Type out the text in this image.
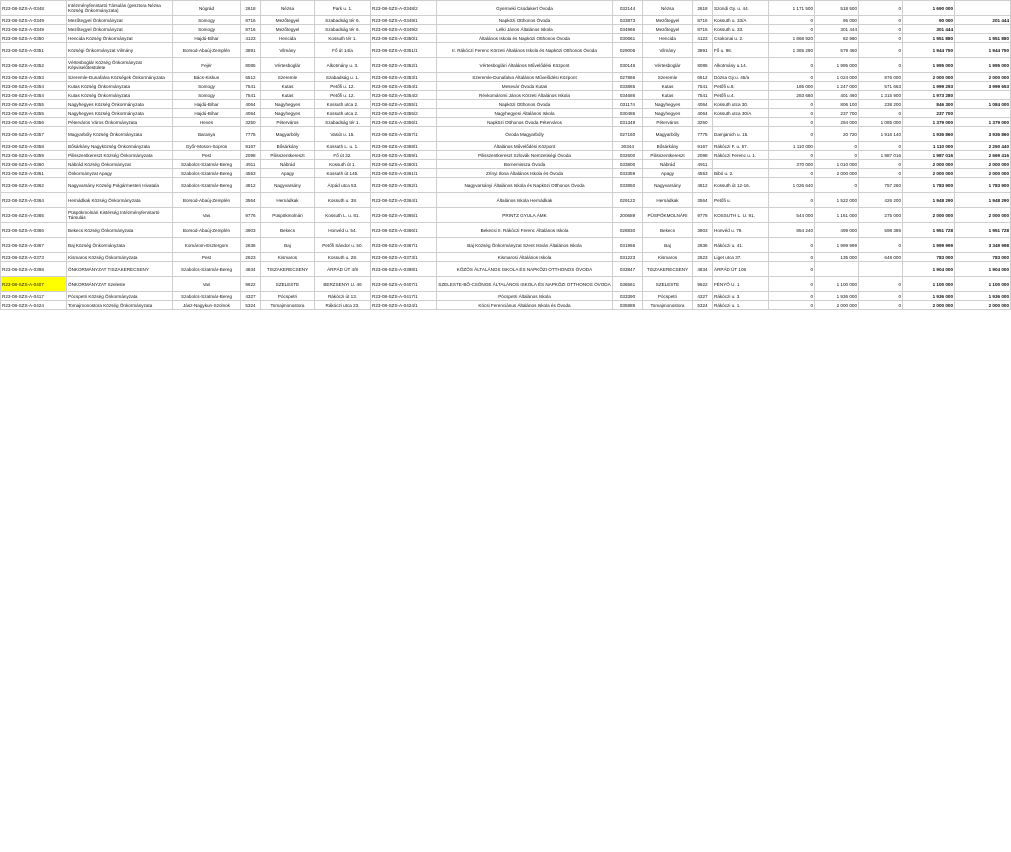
R23-08-SZS-A-0348	Intézményfenntartó Társulás (gesztora Nézsa Község Önkormányzata)	Nógrád	2618	Nézsa	Park u. 1.	R23-08-SZS-A-0348/2	Gyermeki Csodakert Óvoda	032144	Nézsa	2618	Szondi Gy. u. 44.	1 171 500	518 500	0	1 690 000	
R23-08-SZS-A-0349	Mezőtegyel Önkormányzat	Somogy	8716	Mezőtegyel	Szabadság tér 6.	R23-08-SZS-A-0349/1	Napközi Otthonos Óvoda	033873	Mezőtegyel	8716	Kossuth u. 33/A	0	95 000	0	90 000	201 444
R23-08-SZS-A-0349	Mezőtegyel Önkormányzat	Somogy	8716	Mezőtegyel	Szabadság tér 6.	R23-08-SZS-A-0349/2	Lelki János Általános Iskola	034966	Mezőtegyel	8716	Kossuth u. 33.	0	301 444	0	301 444	
R23-08-SZS-A-0350	Hencida Község Önkormányzat	Hajdú-Bihar	4123	Hencida	Kossuth tér 1.	R23-08-SZS-A-0350/1	Általános Iskola és Napközi Otthonos Óvoda	030661	Hencida	4123	Csokonai u. 2.	1 868 920	82 960	0	1 951 880	1 951 880
R23-08-SZS-A-0351	Községi Önkormányzat Vilmány	Borsod-Abaúj-Zemplén	3891	Vilmány	Fő út 14/a	R23-08-SZS-A-0351/1	II. Rákóczi Ferenc Körzeti Általános Iskola és Napközi Otthonos Óvoda	029006	Vilmány	3891	Fő u. 96.	1 365 290	579 460	0	1 944 750	1 944 750
R23-08-SZS-A-0352	Vértesboglár Község Önkormányzat Képviselőtestülete	Fejér	8085	Vértesboglár	Alkotmány u. 3.	R23-08-SZS-A-0352/1	Vértesboglári Általános Művelődési Központ	030146	Vértesboglár	8085	Alkotmány u.14.	0	1 995 000	0	1 995 000	1 995 000
R23-08-SZS-A-0353	Szeremle-Dunafalva Községek Önkormányzata	Bács-Kiskun	6512	Szeremle	Szabadság u. 1.	R23-08-SZS-A-0353/1	Szeremle-Dunafalva Általános Művelődési Központ	027866	Szeremle	6512	Dózsa Gy.u. 45/a	0	1 024 000	976 000	2 000 000	2 000 000
R23-08-SZS-A-0354	Kutas Község Önkormányzata	Somogy	7541	Kutas	Petőfi u. 12.	R23-08-SZS-A-0354/1	Mesevár Óvoda Kutas	033865	Kutas	7541	Petőfi u.8.	185 000	1 247 000	571 663	1 999 293	3 999 653
R23-08-SZS-A-0354	Kutas Község Önkormányzata	Somogy	7541	Kutas	Petőfi u. 12.	R23-08-SZS-A-0354/2	Révkomáromi János Körzeti Általános Iskola	034686	Kutas	7541	Petőfi u.4.	283 660	401 460	1 315 900	1 973 280	
R23-08-SZS-A-0355	Nagyhegyes Község Önkormányzata	Hajdú-Bihar	4064	Nagyhegyes	Kossuth utca 2.	R23-08-SZS-A-0355/1	Napközi Otthonos Óvoda	031174	Nagyhegyes	4064	Kossuth utca 30.	0	806 100	238 200	846 300	1 084 000
R23-08-SZS-A-0355	Nagyhegyes Község Önkormányzata	Hajdú-Bihar	4064	Nagyhegyes	Kossuth utca 2.	R23-08-SZS-A-0355/2	Nagyhegyesi Általános Iskola	030486	Nagyhegyes	4064	Kossuth utca 30/A	0	237 700	0	237 700	
R23-08-SZS-A-0356	Péterváros Város Önkormányzata	Heves	3250	Péterváros	Szabadság tér 1.	R23-08-SZS-A-0356/1	Napközi Otthonos Óvoda Péterváros	031349	Péterváros	3250		0	294 000	1 085 000	1 379 000	1 379 000
R23-08-SZS-A-0357	Magyarbóly Község Önkormányzata	Baranya	7775	Magyarbóly	Vasút u. 15.	R23-08-SZS-A-0357/1	Óvoda Magyarbóly	027160	Magyarbóly	7775	Damjanich u. 15.	0	20 720	1 916 140	1 936 860	3 936 860
R23-08-SZS-A-0358	Bősárkány Nagyközség Önkormányzata	Győr-Moson-Sopron	9167	Bősárkány	Kossuth L. u. 1.	R23-08-SZS-A-0358/1	Általános Művelődési Központ	30344	Bősárkány	9167	Rákóczi F. u. 57.	1 110 000	0	0	1 110 000	2 250 440
R23-08-SZS-A-0359	Pilisszentkereszt Község Önkormányzata	Pest	2098	Pilisszentkereszt	Fő út 32.	R23-08-SZS-A-0359/1	Pilisszentkereszt Szlovák Nemzetiségi Óvoda	032600	Pilisszentkereszt	2098	Rákóczi Ferenc u. 1.	0	0	1 987 016	1 987 016	2 669 416
R23-08-SZS-A-0360	Nábrád Község Önkormányzat	Szabolcs-Szatmár-Bereg	4911	Nábrád	Kossuth út 1.	R23-08-SZS-A-0360/1	Bornemissza Óvoda	033800	Nábrád	4911		370 000	1 010 000	0	2 000 000	2 000 000
R23-08-SZS-A-0361	Önkormányzat Apagy	Szabolcs-Szatmár-Bereg	4553	Apagy	Kossuth út 145.	R23-08-SZS-A-0361/1	Zrínyi Ilona Általános Iskola és Óvoda	033359	Apagy	4553	Bibó u. 2.	0	2 000 000	0	2 000 000	2 000 000
R23-08-SZS-A-0362	Nagyvarsány Község Polgármesteri Hivatala	Szabolcs-Szatmár-Bereg	4812	Nagyvarsány	Árpád utca 53.	R23-08-SZS-A-0362/1	Nagyvarsányi Általános Iskola és Napközi Otthonos Óvoda	033850	Nagyvarsány	4812	Kossuth út 12-16.	1 026 640	0	757 260	1 783 900	1 783 900
R23-08-SZS-A-0364	Hernádkak Község Önkormányzata	Borsod-Abaúj-Zemplén	3564	Hernádkak	Kossuth u. 38.	R23-08-SZS-A-0364/1	Általános Iskola Hernádkak	029122	Hernádkak	3564	Petőfi u.	0	1 522 000	426 200	1 948 290	1 948 290
R23-08-SZS-A-0365	Püspökmolnári Kistérség Intézményfenntartó Társulás	Vas	9776	Püspökmolnári	Kossuth L. u. 81.	R23-08-SZS-A-0365/1	PRINTZ GYULA ÁMK	200689	PÜSPÖKMOLNÁRI	9776	KOSSUTH L. U. 91.	544 000	1 161 000	275 000	2 000 000	2 000 000
R23-08-SZS-A-0366	Bekecs Község Önkormányzata	Borsod-Abaúj-Zemplén	3903	Bekecs	Honvéd u. 54.	R23-08-SZS-A-0366/1	Bekecsi II. Rákóczi Ferenc Általános Iskola	028830	Bekecs	3903	Honvéd u. 79.	854 240	499 000	598 386	1 951 728	1 951 728
R23-08-SZS-A-0367	Baj Község Önkormányzata	Komárom-Esztergom	2836	Baj	Petőfi Sándor u. 50.	R23-08-SZS-A-0367/1	Baj Község Önkormányzat Szent István Általános Iskola	031966	Baj	2836	Rákóczi u. 41.	0	1 999 999	0	1 999 999	3 349 998
R23-08-SZS-A-0373	Kismaros Község Önkormányzata	Pest	2623	Kismaros	Kossuth u. 28.	R23-08-SZS-A-0373/1	Kismarosi Általános Iskola	031223	Kismaros	2623	Liget utca 37.	0	135 000	648 000	783 000	783 000
R23-08-SZS-A-0398	ÖNKORMÁNYZAT TISZAKERECSENY	Szabolcs-Szatmár-Bereg	4834	TISZAKERECSENY	ÁRPÁD ÚT 4/8	R23-08-SZS-A-0398/1	KÖZÖS ÁLTALÁNOS ISKOLA ÉS NAPKÖZI OTTHONOS ÓVODA	033847	TISZAKERECSENY	4834	ÁRPÁD ÚT 108	0			1 904 000	1 904 000
R23-08-SZS-A-0407	ÖNKORMÁNYZAT Szeleste	Vas	9622	SZELESTE	BERZSENYI U. 46	R23-08-SZS-A-0407/1	SZELESTE-BŐ-CSÖNGE ÁLTALÁNOS ISKOLA ÉS NAPKÖZI OTTHONOS ÓVODA	036561	SZELESTE	9622	FÉNYŐ U. 1	0	1 100 000	0	1 100 000	1 100 000
R23-08-SZS-A-0417	Pócspetri Község Önkormányzata	Szabolcs-Szatmár-Bereg	4327	Pócspetri	Rákóczi út 13.	R23-08-SZS-A-0417/1	Pócspetri Általános Iskola	033390	Pócspetri	4327	Rákóczi u. 3.	0	1 936 000	0	1 936 000	1 936 000
R23-08-SZS-A-0424	Tomajmonostora Község Önkormányzata	Jász-Nagykun-Szolnok	5324	Tomajmonostora	Rákóczi utca 23.	R23-08-SZS-A-0424/1	Kócsi Ferenciánus Általános Iskola és Óvoda	035889	Tomajmonostora	5324	Rákóczi u. 1.	0	2 000 000	0	2 000 000	2 000 000
